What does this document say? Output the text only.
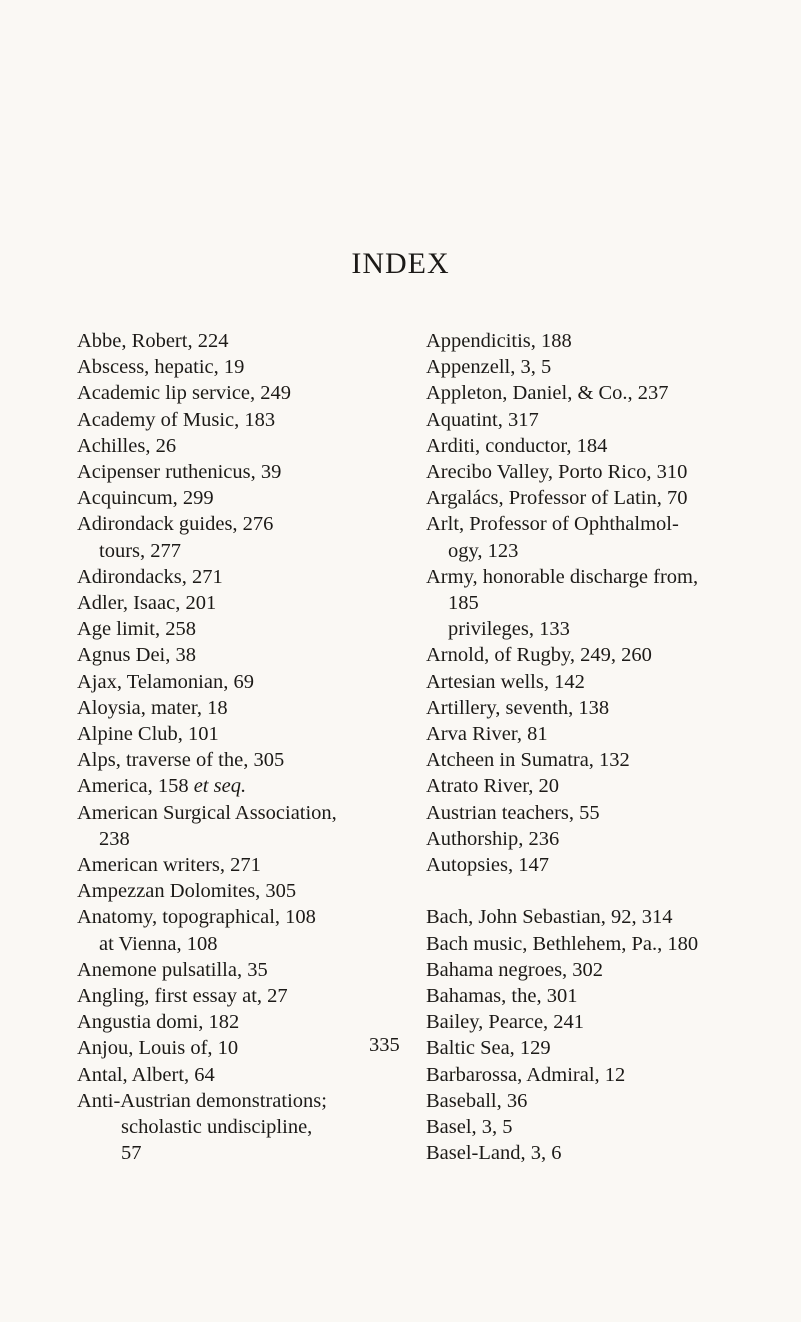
INDEX

Abbe, Robert, 224

Abscess, hepatic, 19

Academic lip service, 249

Academy of Music, 183

Achilles, 26

Acipenser ruthenicus, 39

Acquincum, 299

Adirondack guides, 276

tours, 277

Adirondacks, 271

Adler, Isaac, 201

Age limit, 258

Agnus Dei, 38

Ajax, Telamonian, 69

Aloysia, mater, 18

Alpine Club, 101

Alps, traverse of the, 305

America, 158 et seq.

American Surgical Association,

238

American writers, 271

Ampezzan Dolomites, 305

Anatomy, topographical, 108

at Vienna, 108

Anemone pulsatilla, 35

Angling, first essay at, 27

Angustia domi, 182

Anjou, Louis of, 10

Antal, Albert, 64

Anti-Austrian demonstrations;

scholastic undiscipline,

57

Appendicitis, 188

Appenzell, 3, 5

Appleton, Daniel, & Co., 237

Aquatint, 317

Arditi, conductor, 184

Arecibo Valley, Porto Rico, 310

Argalács, Professor of Latin, 70

Arlt, Professor of Ophthalmol-

ogy, 123

Army, honorable discharge from,

185

privileges, 133

Arnold, of Rugby, 249, 260

Artesian wells, 142

Artillery, seventh, 138

Arva River, 81

Atcheen in Sumatra, 132

Atrato River, 20

Austrian teachers, 55

Authorship, 236

Autopsies, 147

Bach, John Sebastian, 92, 314

Bach music, Bethlehem, Pa., 180

Bahama negroes, 302

Bahamas, the, 301

Bailey, Pearce, 241

Baltic Sea, 129

Barbarossa, Admiral, 12

Baseball, 36

Basel, 3, 5

Basel-Land, 3, 6

335
